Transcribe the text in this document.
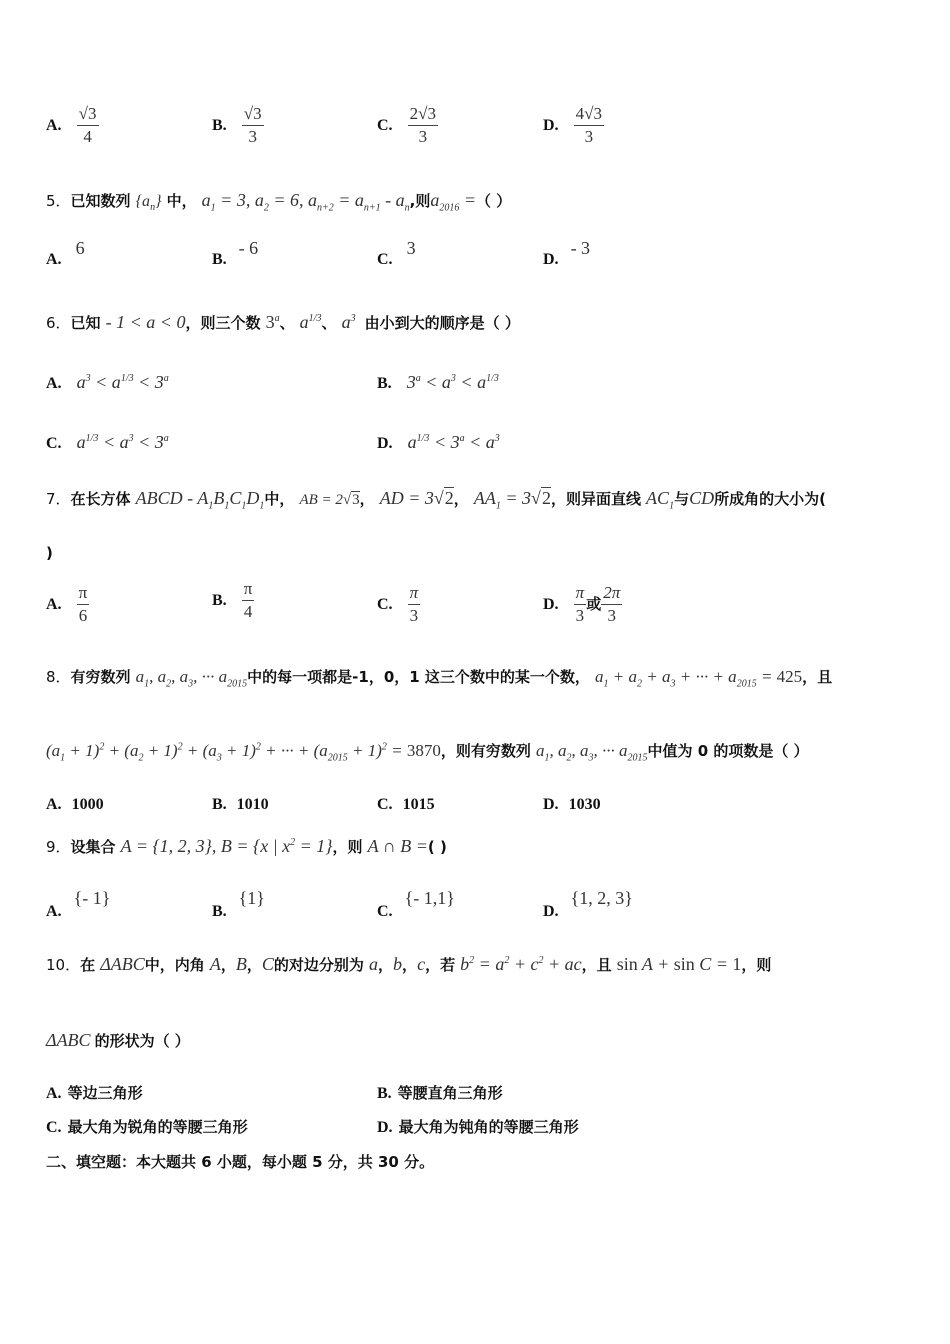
A. $\frac{√3}{4}$	B. $\frac{√3}{3}$	C. $\frac{2√3}{3}$	D. $\frac{4√3}{3}$
5．已知数列 $\{a_n\}$ 中， $a_1 = 3$, $a_2 = 6$, $a_{n+2} = a_{n+1} - a_n$,则$a_{2016}$ =（ ）
A.6
B.- 6
C.3
D.- 3
6．已知 - 1 < a < 0，则三个数 3$^a$、 $a^{1/3}$、 $a^3$ 由小到大的顺序是（ ）
A. $a^3 < a^{1/3} < 3^a$	B. $3^a < a^3 < a^{1/3}$
C. $a^{1/3} < a^3 < 3^a$	D. $a^{1/3} < 3^a < a^3$
7．在长方体 ABCD - $A_1B_1C_1D_1$中， AB = 2√3， AD = 3√2， $AA_1 = 3√2$，则异面直线 $AC_1$与CD所成角的大小为(
)
A. $\frac{\pi}{6}$	B. $\frac{\pi}{4}$	C. $\frac{\pi}{3}$	D. $\frac{\pi}{3}$ 或 $\frac{2\pi}{3}$
8．有穷数列 $a_1$, $a_2$, $a_3$, ··· $a_{2015}$中的每一项都是-1，0，1 这三个数中的某一个数， $a_1 + a_2 + a_3$ + ··· + $a_{2015} = 425$，且
$(a_1 + 1)^2 + (a_2 + 1)^2 + (a_3 + 1)^2$ + ··· + $(a_{2015} + 1)^2 = 3870$，则有穷数列 $a_1$, $a_2$, $a_3$, ··· $a_{2015}$中值为 0 的项数是（ ）
A. 1000	B. 1010	C. 1015	D. 1030
9．设集合 A = {1, 2, 3}, B = {x | $x^2 = 1$}，则 A ∩ B =( )
A.{- 1}
B.{1}
C.{- 1,1}
D.{1, 2, 3}
10．在 ΔABC中，内角 A，B，C的对边分别为 a，b，c，若 $b^2 = a^2 + c^2$ + ac，且 sin A + sin C = 1，则
ΔABC 的形状为（ ）
A. 等边三角形	B. 等腰直角三角形
C. 最大角为锐角的等腰三角形	D. 最大角为钝角的等腰三角形
二、填空题：本大题共 6 小题，每小题 5 分，共 30 分。
